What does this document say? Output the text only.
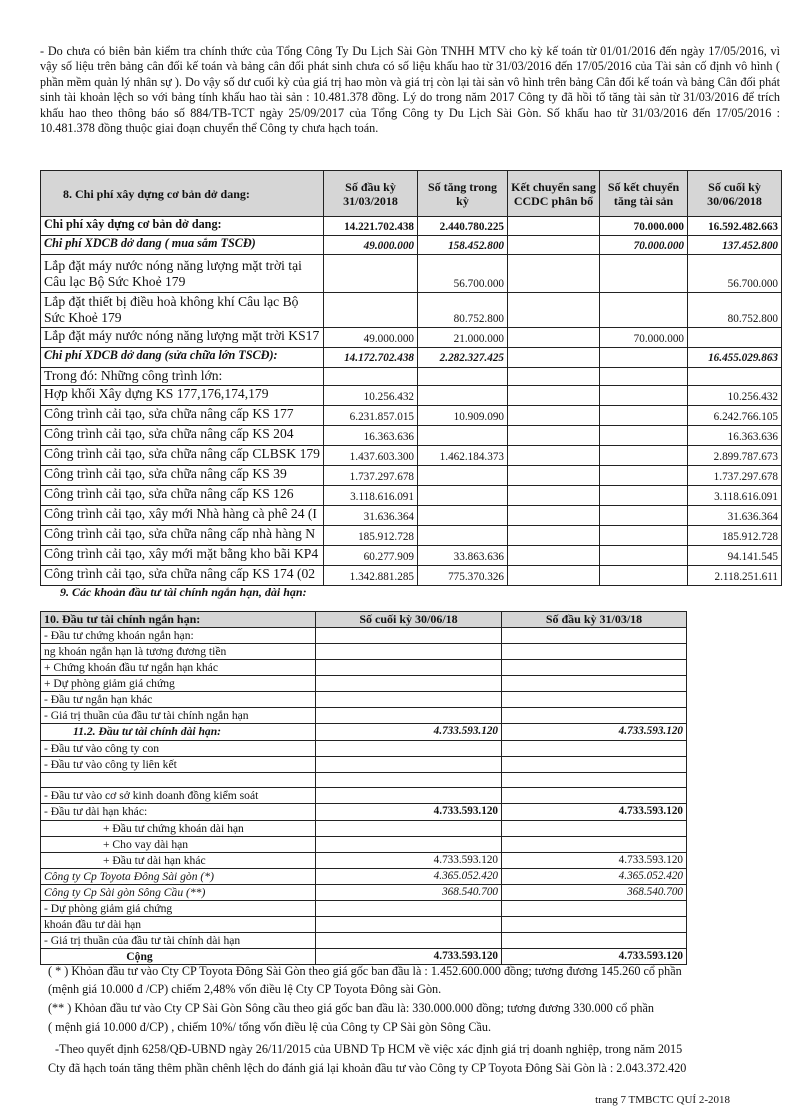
- Do chưa có biên bản kiểm tra chính thức của Tổng Công Ty Du Lịch Sài Gòn TNHH MTV cho kỳ kế toán từ 01/01/2016 đến ngày 17/05/2016, vì vậy số liệu trên bảng cân đối kế toán và bảng cân đối phát sinh chưa có số liệu khấu hao từ 31/03/2016 đến 17/05/2016 của Tài sản cố định vô hình ( phần mềm quản lý nhân sự ). Do vậy số dư cuối kỳ của giá trị hao mòn và giá trị còn lại tài sản vô hình trên bảng Cân đối kế toán và bảng Cân đối phát sinh tài khoản lệch so với bảng tính khấu hao tài sản : 10.481.378 đồng. Lý do trong năm 2017 Công ty đã hồi tố tăng tài sản từ 31/03/2016 để trích khấu hao theo thông báo số 884/TB-TCT ngày 25/09/2017 của Tổng Công ty Du Lịch Sài Gòn. Số khấu hao từ 31/03/2016 đến 17/05/2016 : 10.481.378 đồng thuộc giai đoạn chuyển thể Công ty chưa hạch toán.
8. Chi phí xây dựng cơ bản dở dang:	Số đầu kỳ 31/03/2018	Số tăng trong kỳ	Kết chuyển sang CCDC phân bổ	Số kết chuyển tăng tài sản	Số cuối kỳ 30/06/2018
Chi phí xây dựng cơ bản dở dang:	14.221.702.438	2.440.780.225		70.000.000	16.592.482.663
Chi phí XDCB dở dang ( mua sắm TSCĐ)	49.000.000	158.452.800		70.000.000	137.452.800
Lắp đặt máy nước nóng năng lượng mặt trời tại Câu lạc Bộ Sức Khoẻ 179		56.700.000			56.700.000
Lắp đặt thiết bị điều hoà không khí Câu lạc Bộ Sức Khoẻ 179		80.752.800			80.752.800
Lắp đặt máy nước nóng năng lượng mặt trời KS17	49.000.000	21.000.000		70.000.000	
Chi phí XDCB dở dang (sửa chữa lớn TSCĐ):	14.172.702.438	2.282.327.425			16.455.029.863
Trong đó: Những công trình lớn:					
Hợp khối Xây dựng KS 177,176,174,179	10.256.432				10.256.432
Công trình cải tạo, sửa chữa nâng cấp KS 177	6.231.857.015	10.909.090			6.242.766.105
Công trình cải tạo, sửa chữa nâng cấp KS 204	16.363.636				16.363.636
Công trình cải tạo, sửa chữa nâng cấp CLBSK 179	1.437.603.300	1.462.184.373			2.899.787.673
Công trình cải tạo, sửa chữa nâng cấp KS 39	1.737.297.678				1.737.297.678
Công trình cải tạo, sửa chữa nâng cấp KS 126	3.118.616.091				3.118.616.091
Công trình cải tạo, xây mới Nhà hàng cà phê 24 (I	31.636.364				31.636.364
Công trình cải tạo, sửa chữa nâng cấp nhà hàng N	185.912.728				185.912.728
Công trình cải tạo, xây mới mặt bằng kho bãi KP4	60.277.909	33.863.636			94.141.545
Công trình cải tạo, sửa chữa nâng cấp KS 174 (02	1.342.881.285	775.370.326			2.118.251.611
9. Các khoản đầu tư tài chính ngắn hạn, dài hạn:
10. Đầu tư tài chính ngắn hạn:	Số cuối kỳ 30/06/18	Số đầu kỳ 31/03/18
- Đầu tư chứng khoán ngắn hạn:		
ng khoán ngắn hạn là tương đương tiền		
+ Chứng khoán đầu tư ngắn hạn khác		
+ Dự phòng giảm giá chứng		
- Đầu tư ngắn hạn khác		
- Giá trị thuần của đầu tư tài chính ngắn hạn		
11.2. Đầu tư tài chính dài hạn:	4.733.593.120	4.733.593.120
- Đầu tư vào công ty con		
- Đầu tư vào công ty liên kết		

- Đầu tư vào cơ sở kinh doanh đồng kiểm soát		
- Đầu tư dài hạn khác:	4.733.593.120	4.733.593.120
+ Đầu tư chứng khoán dài hạn		
+ Cho vay dài hạn		
+ Đầu tư dài hạn khác	4.733.593.120	4.733.593.120
Công ty Cp Toyota Đông Sài gòn (*)	4.365.052.420	4.365.052.420
Công ty Cp Sài gòn Sông Cầu (**)	368.540.700	368.540.700
- Dự phòng giảm giá chứng		
khoán đầu tư dài hạn		
- Giá trị thuần của đầu tư tài chính dài hạn		
Cộng	4.733.593.120	4.733.593.120
( * ) Khỏan đầu tư vào Cty CP Toyota Đông Sài Gòn theo giá gốc ban đầu là : 1.452.600.000 đồng; tương đương 145.260 cổ phần
(mệnh giá 10.000 đ /CP) chiếm 2,48% vốn điều lệ Cty CP Toyota Đông sài Gòn.
(** ) Khỏan đầu tư vào Cty CP Sài Gòn Sông cầu theo giá gốc ban đầu là: 330.000.000 đồng; tương đương 330.000 cổ phần
( mệnh giá 10.000 đ/CP) , chiếm 10%/ tổng vốn điều lệ của Công ty CP Sài gòn Sông Cầu.
-Theo quyết định 6258/QĐ-UBND ngày 26/11/2015 của UBND Tp HCM về việc xác định giá trị doanh nghiệp, trong năm 2015
Cty đã hạch toán tăng thêm phần chênh lệch do đánh giá lại khoản đầu tư vào Công ty CP Toyota Đông Sài Gòn là : 2.043.372.420
trang 7 TMBCTC QUÍ 2-2018
